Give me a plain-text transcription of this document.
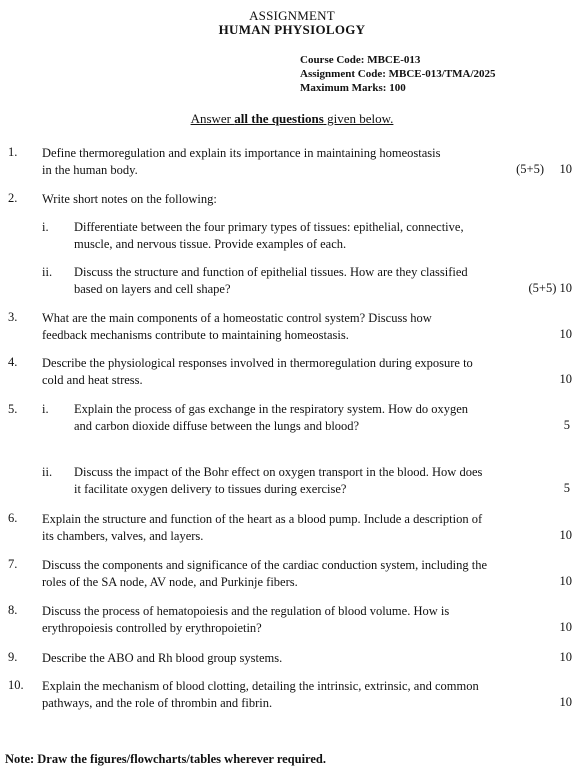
ASSIGNMENT
HUMAN PHYSIOLOGY
Course Code: MBCE-013
Assignment Code: MBCE-013/TMA/2025
Maximum Marks: 100
Answer all the questions given below.
1. Define thermoregulation and explain its importance in maintaining homeostasis
in the human body.	(5+5)	10
2. Write short notes on the following:
i. Differentiate between the four primary types of tissues: epithelial, connective,
muscle, and nervous tissue. Provide examples of each.
ii. Discuss the structure and function of epithelial tissues. How are they classified
based on layers and cell shape?	(5+5) 10
3. What are the main components of a homeostatic control system? Discuss how
feedback mechanisms contribute to maintaining homeostasis.	10
4. Describe the physiological responses involved in thermoregulation during exposure to
cold and heat stress.	10
5. i. Explain the process of gas exchange in the respiratory system. How do oxygen
and carbon dioxide diffuse between the lungs and blood?	5
ii. Discuss the impact of the Bohr effect on oxygen transport in the blood. How does
it facilitate oxygen delivery to tissues during exercise?	5
6. Explain the structure and function of the heart as a blood pump. Include a description of
its chambers, valves, and layers.	10
7. Discuss the components and significance of the cardiac conduction system, including the
roles of the SA node, AV node, and Purkinje fibers.	10
8. Discuss the process of hematopoiesis and the regulation of blood volume. How is
erythropoiesis controlled by erythropoietin?	10
9. Describe the ABO and Rh blood group systems.	10
10. Explain the mechanism of blood clotting, detailing the intrinsic, extrinsic, and common
pathways, and the role of thrombin and fibrin.	10
Note: Draw the figures/flowcharts/tables wherever required.
